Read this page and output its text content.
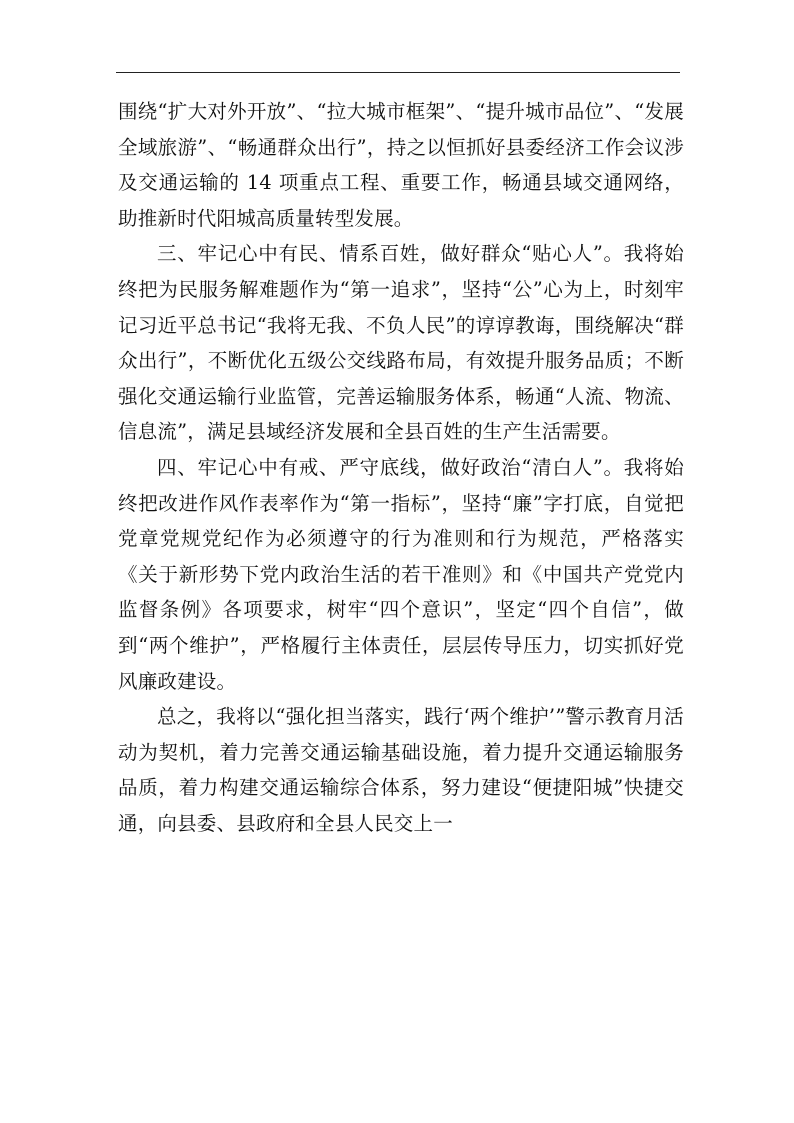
围绕“扩大对外开放”、“拉大城市框架”、“提升城市品位”、“发展全域旅游”、“畅通群众出行”，持之以恒抓好县委经济工作会议涉及交通运输的 14 项重点工程、重要工作，畅通县域交通网络，助推新时代阳城高质量转型发展。

三、牢记心中有民、情系百姓，做好群众“贴心人”。我将始终把为民服务解难题作为“第一追求”，坚持“公”心为上，时刻牢记习近平总书记“我将无我、不负人民”的谆谆教诲，围绕解决“群众出行”，不断优化五级公交线路布局，有效提升服务品质；不断强化交通运输行业监管，完善运输服务体系，畅通“人流、物流、信息流”，满足县域经济发展和全县百姓的生产生活需要。

四、牢记心中有戒、严守底线，做好政治“清白人”。我将始终把改进作风作表率作为“第一指标”，坚持“廉”字打底，自觉把党章党规党纪作为必须遵守的行为准则和行为规范，严格落实《关于新形势下党内政治生活的若干准则》和《中国共产党党内监督条例》各项要求，树牢“四个意识”，坚定“四个自信”，做到“两个维护”，严格履行主体责任，层层传导压力，切实抓好党风廉政建设。

总之，我将以“强化担当落实，践行‘两个维护’”警示教育月活动为契机，着力完善交通运输基础设施，着力提升交通运输服务品质，着力构建交通运输综合体系，努力建设“便捷阳城”快捷交通，向县委、县政府和全县人民交上一
